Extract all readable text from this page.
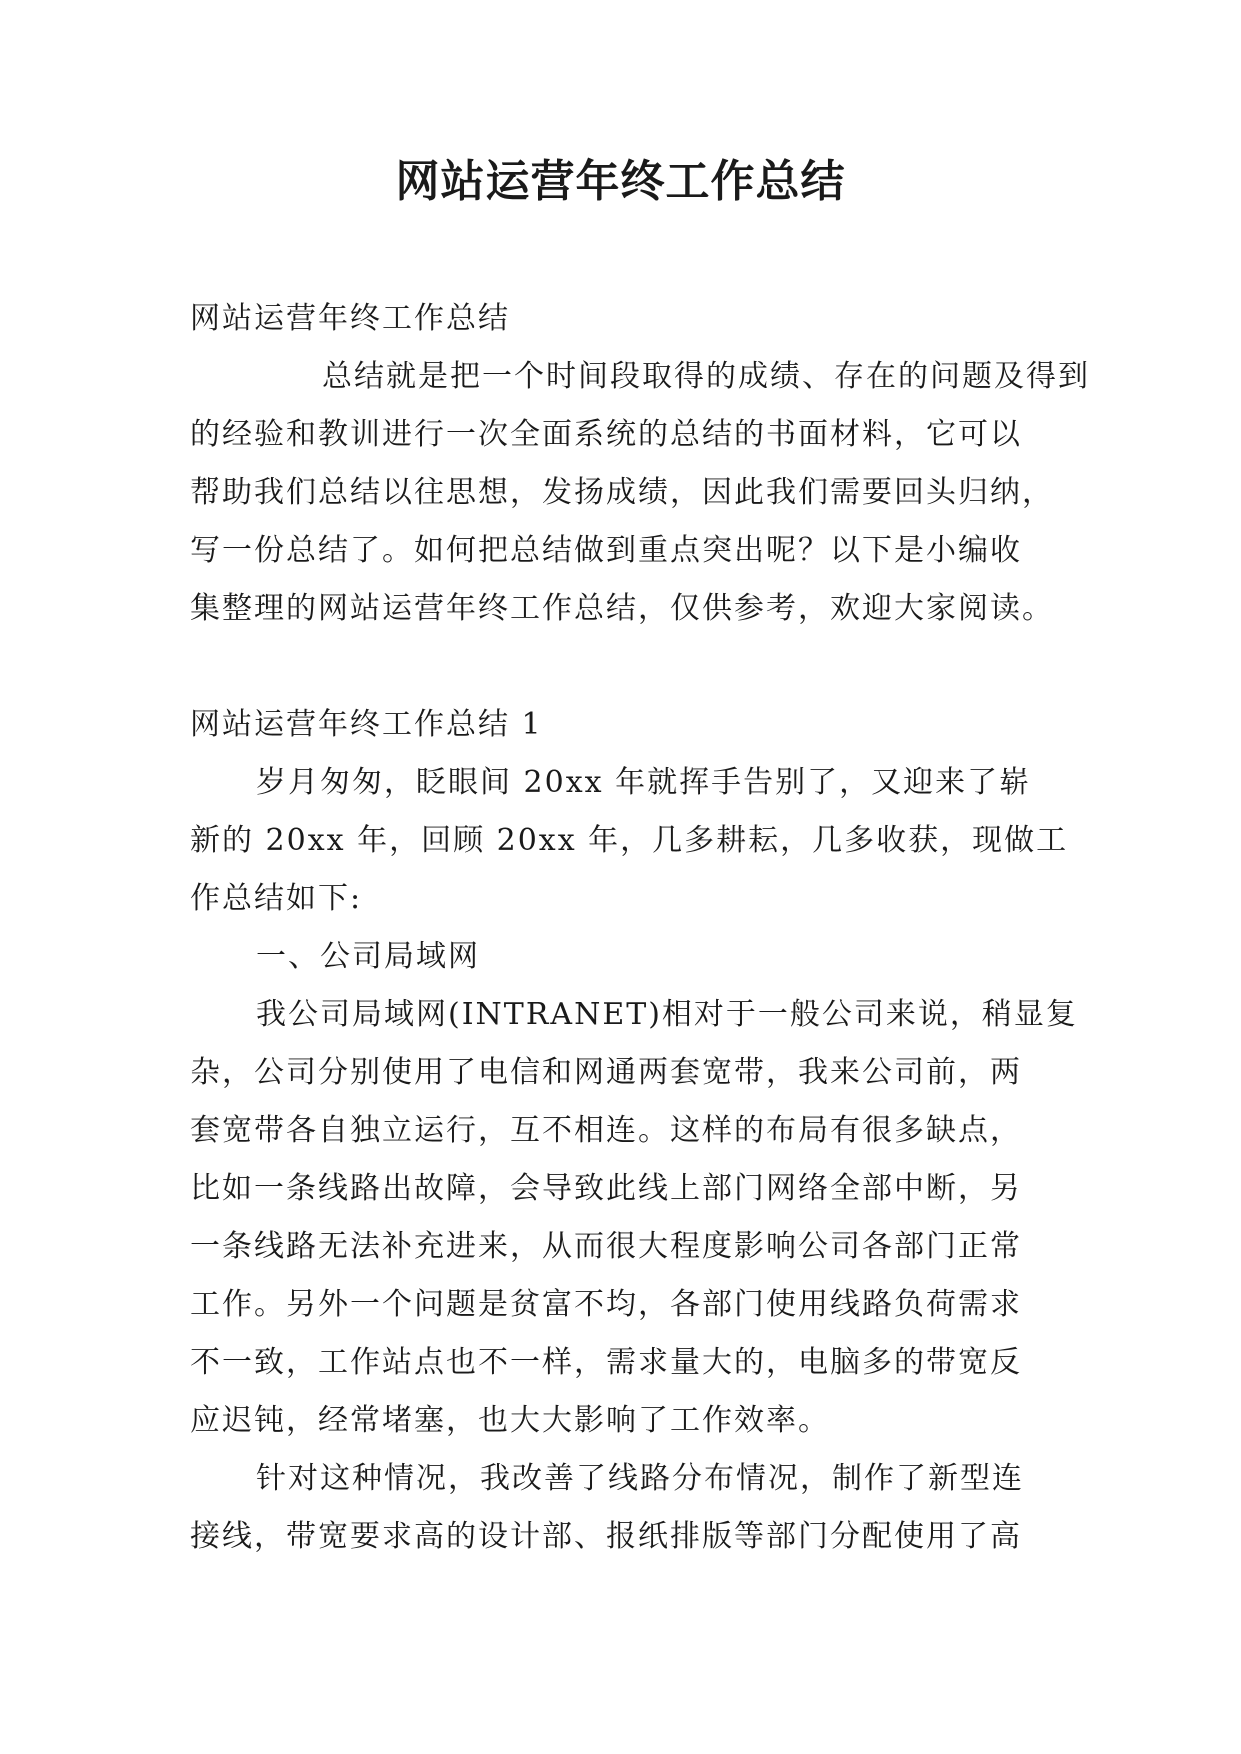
网站运营年终工作总结

网站运营年终工作总结

总结就是把一个时间段取得的成绩、存在的问题及得到
的经验和教训进行一次全面系统的总结的书面材料，它可以
帮助我们总结以往思想，发扬成绩，因此我们需要回头归纳，
写一份总结了。如何把总结做到重点突出呢？以下是小编收
集整理的网站运营年终工作总结，仅供参考，欢迎大家阅读。

网站运营年终工作总结 1

岁月匆匆，眨眼间 20xx 年就挥手告别了，又迎来了崭
新的 20xx 年，回顾 20xx 年，几多耕耘，几多收获，现做工
作总结如下:

一、公司局域网

我公司局域网(INTRANET)相对于一般公司来说，稍显复
杂，公司分别使用了电信和网通两套宽带，我来公司前，两
套宽带各自独立运行，互不相连。这样的布局有很多缺点，
比如一条线路出故障，会导致此线上部门网络全部中断，另
一条线路无法补充进来，从而很大程度影响公司各部门正常
工作。另外一个问题是贫富不均，各部门使用线路负荷需求
不一致，工作站点也不一样，需求量大的，电脑多的带宽反
应迟钝，经常堵塞，也大大影响了工作效率。

针对这种情况，我改善了线路分布情况，制作了新型连
接线，带宽要求高的设计部、报纸排版等部门分配使用了高
